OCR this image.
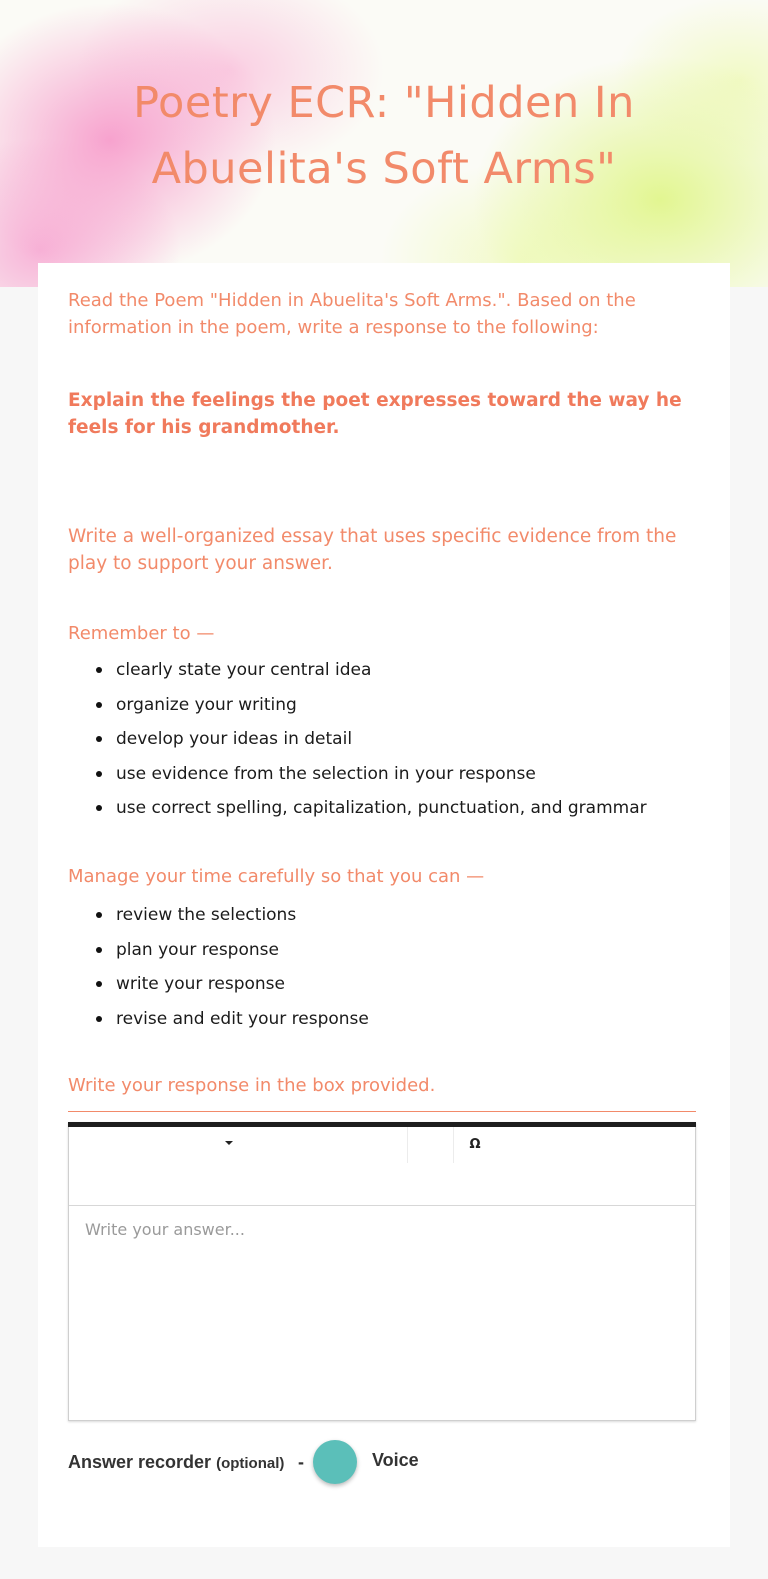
Poetry ECR: "Hidden In Abuelita's Soft Arms"

Read the Poem "Hidden in Abuelita's Soft Arms.". Based on the information in the poem, write a response to the following:

Explain the feelings the poet expresses toward the way he feels for his grandmother.

Write a well-organized essay that uses specific evidence from the play to support your answer.

Remember to —

clearly state your central idea
organize your writing
develop your ideas in detail
use evidence from the selection in your response
use correct spelling, capitalization, punctuation, and grammar

Manage your time carefully so that you can —

review the selections
plan your response
write your response
revise and edit your response

Write your response in the box provided.

Ω
Write your answer...
Answer recorder (optional) -	Voice
